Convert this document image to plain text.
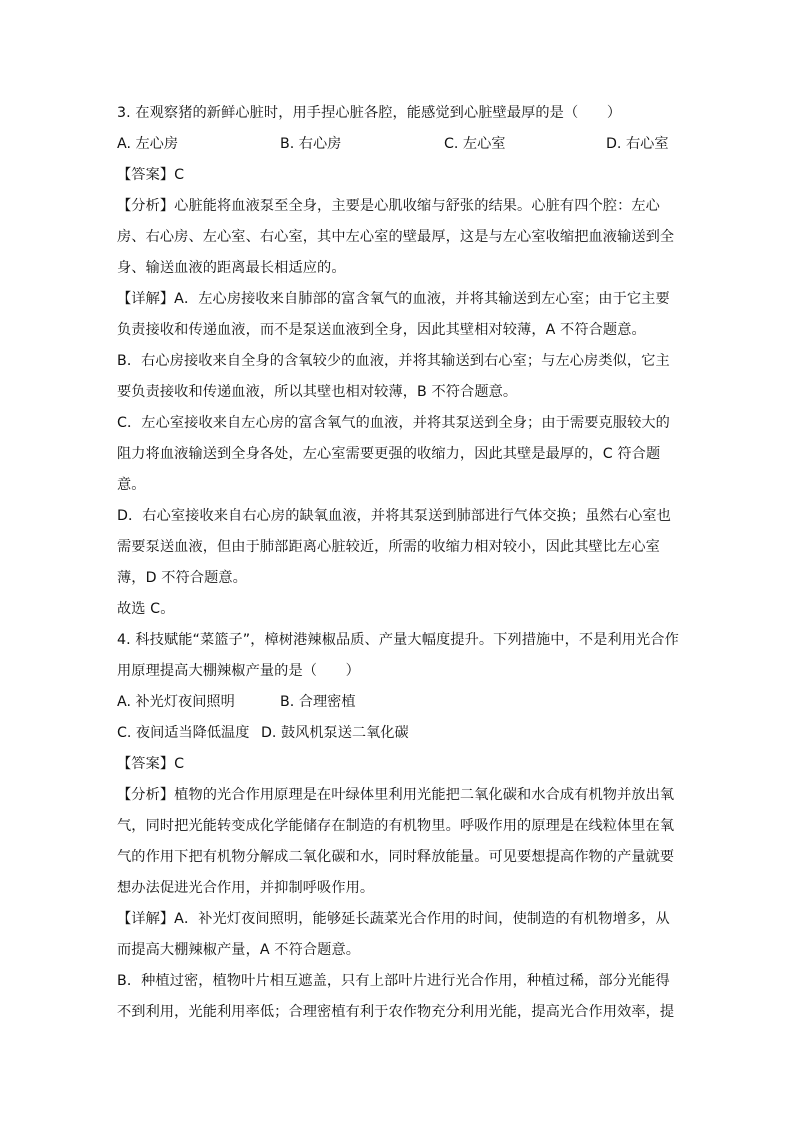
3. 在观察猪的新鲜心脏时，用手捏心脏各腔，能感觉到心脏壁最厚的是（　　）
A. 左心房	B. 右心房	C. 左心室	D. 右心室
【答案】C
【分析】心脏能将血液泵至全身，主要是心肌收缩与舒张的结果。心脏有四个腔：左心
房、右心房、左心室、右心室，其中左心室的壁最厚，这是与左心室收缩把血液输送到全
身、输送血液的距离最长相适应的。
【详解】A．左心房接收来自肺部的富含氧气的血液，并将其输送到左心室；由于它主要
负责接收和传递血液，而不是泵送血液到全身，因此其壁相对较薄，A 不符合题意。
B．右心房接收来自全身的含氧较少的血液，并将其输送到右心室；与左心房类似，它主
要负责接收和传递血液，所以其壁也相对较薄，B 不符合题意。
C．左心室接收来自左心房的富含氧气的血液，并将其泵送到全身；由于需要克服较大的
阻力将血液输送到全身各处，左心室需要更强的收缩力，因此其壁是最厚的，C 符合题
意。
D．右心室接收来自右心房的缺氧血液，并将其泵送到肺部进行气体交换；虽然右心室也
需要泵送血液，但由于肺部距离心脏较近，所需的收缩力相对较小，因此其壁比左心室
薄，D 不符合题意。
故选 C。
4. 科技赋能“菜篮子”，樟树港辣椒品质、产量大幅度提升。下列措施中，不是利用光合作
用原理提高大棚辣椒产量的是（　　）
A. 补光灯夜间照明	B. 合理密植
C. 夜间适当降低温度 D. 鼓风机泵送二氧化碳
【答案】C
【分析】植物的光合作用原理是在叶绿体里利用光能把二氧化碳和水合成有机物并放出氧
气，同时把光能转变成化学能储存在制造的有机物里。呼吸作用的原理是在线粒体里在氧
气的作用下把有机物分解成二氧化碳和水，同时释放能量。可见要想提高作物的产量就要
想办法促进光合作用，并抑制呼吸作用。
【详解】A．补光灯夜间照明，能够延长蔬菜光合作用的时间，使制造的有机物增多，从
而提高大棚辣椒产量，A 不符合题意。
B．种植过密，植物叶片相互遮盖，只有上部叶片进行光合作用，种植过稀，部分光能得
不到利用，光能利用率低；合理密植有利于农作物充分利用光能，提高光合作用效率，提
